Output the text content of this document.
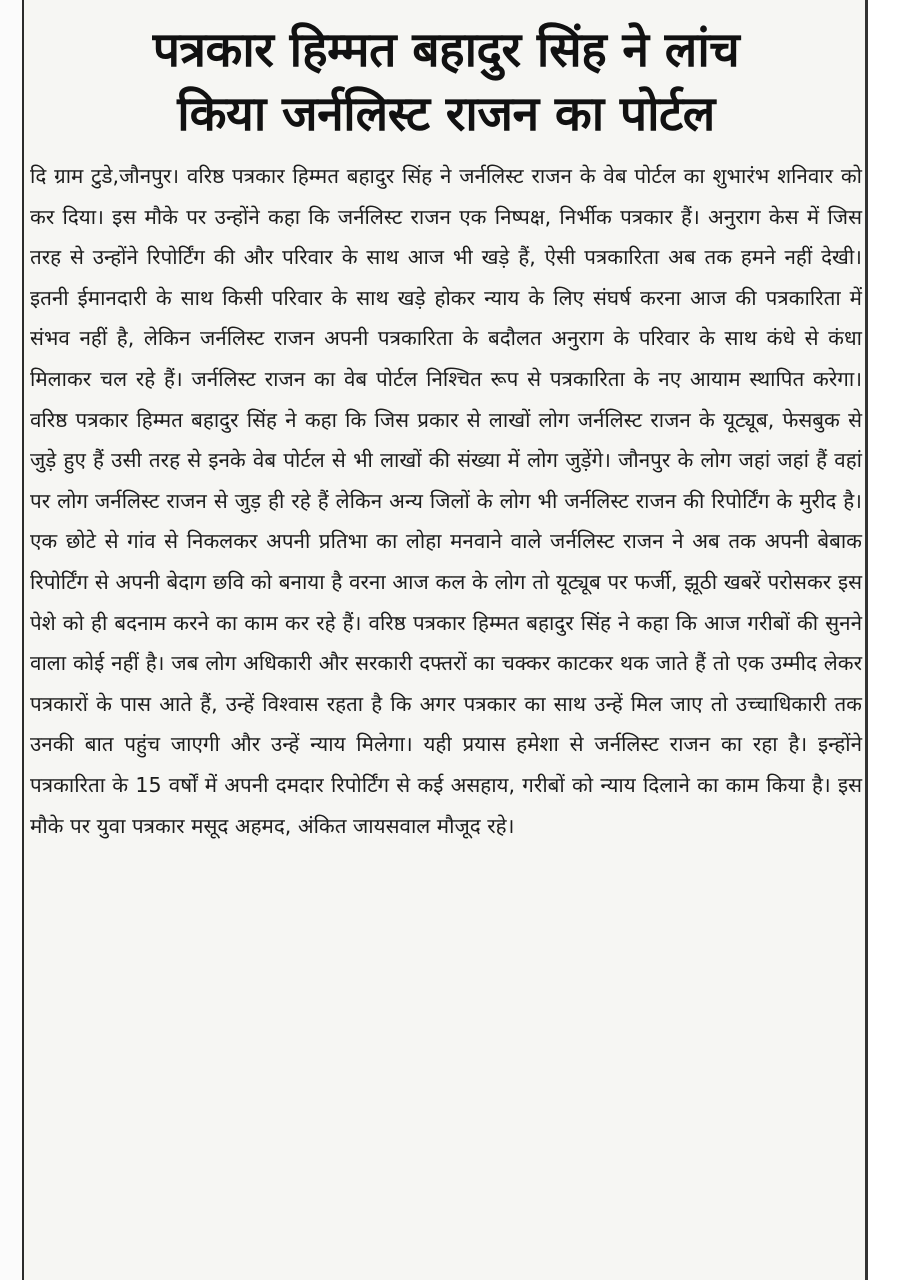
पत्रकार हिम्मत बहादुर सिंह ने लांच
किया जर्नलिस्ट राजन का पोर्टल

दि ग्राम टुडे,जौनपुर। वरिष्ठ पत्रकार हिम्मत बहादुर सिंह ने जर्नलिस्ट राजन के वेब पोर्टल का शुभारंभ शनिवार को कर दिया। इस मौके पर उन्होंने कहा कि जर्नलिस्ट राजन एक निष्पक्ष, निर्भीक पत्रकार हैं। अनुराग केस में जिस तरह से उन्होंने रिपोर्टिंग की और परिवार के साथ आज भी खड़े हैं, ऐसी पत्रकारिता अब तक हमने नहीं देखी। इतनी ईमानदारी के साथ किसी परिवार के साथ खड़े होकर न्याय के लिए संघर्ष करना आज की पत्रकारिता में संभव नहीं है, लेकिन जर्नलिस्ट राजन अपनी पत्रकारिता के बदौलत अनुराग के परिवार के साथ कंधे से कंधा मिलाकर चल रहे हैं। जर्नलिस्ट राजन का वेब पोर्टल निश्चित रूप से पत्रकारिता के नए आयाम स्थापित करेगा। वरिष्ठ पत्रकार हिम्मत बहादुर सिंह ने कहा कि जिस प्रकार से लाखों लोग जर्नलिस्ट राजन के यूट्यूब, फेसबुक से जुड़े हुए हैं उसी तरह से इनके वेब पोर्टल से भी लाखों की संख्या में लोग जुड़ेंगे। जौनपुर के लोग जहां जहां हैं वहां पर लोग जर्नलिस्ट राजन से जुड़ ही रहे हैं लेकिन अन्य जिलों के लोग भी जर्नलिस्ट राजन की रिपोर्टिंग के मुरीद है। एक छोटे से गांव से निकलकर अपनी प्रतिभा का लोहा मनवाने वाले जर्नलिस्ट राजन ने अब तक अपनी बेबाक रिपोर्टिंग से अपनी बेदाग छवि को बनाया है वरना आज कल के लोग तो यूट्यूब पर फर्जी, झूठी खबरें परोसकर इस पेशे को ही बदनाम करने का काम कर रहे हैं। वरिष्ठ पत्रकार हिम्मत बहादुर सिंह ने कहा कि आज गरीबों की सुनने वाला कोई नहीं है। जब लोग अधिकारी और सरकारी दफ्तरों का चक्कर काटकर थक जाते हैं तो एक उम्मीद लेकर पत्रकारों के पास आते हैं, उन्हें विश्वास रहता है कि अगर पत्रकार का साथ उन्हें मिल जाए तो उच्चाधिकारी तक उनकी बात पहुंच जाएगी और उन्हें न्याय मिलेगा। यही प्रयास हमेशा से जर्नलिस्ट राजन का रहा है। इन्होंने पत्रकारिता के 15 वर्षों में अपनी दमदार रिपोर्टिंग से कई असहाय, गरीबों को न्याय दिलाने का काम किया है। इस मौके पर युवा पत्रकार मसूद अहमद, अंकित जायसवाल मौजूद रहे।
